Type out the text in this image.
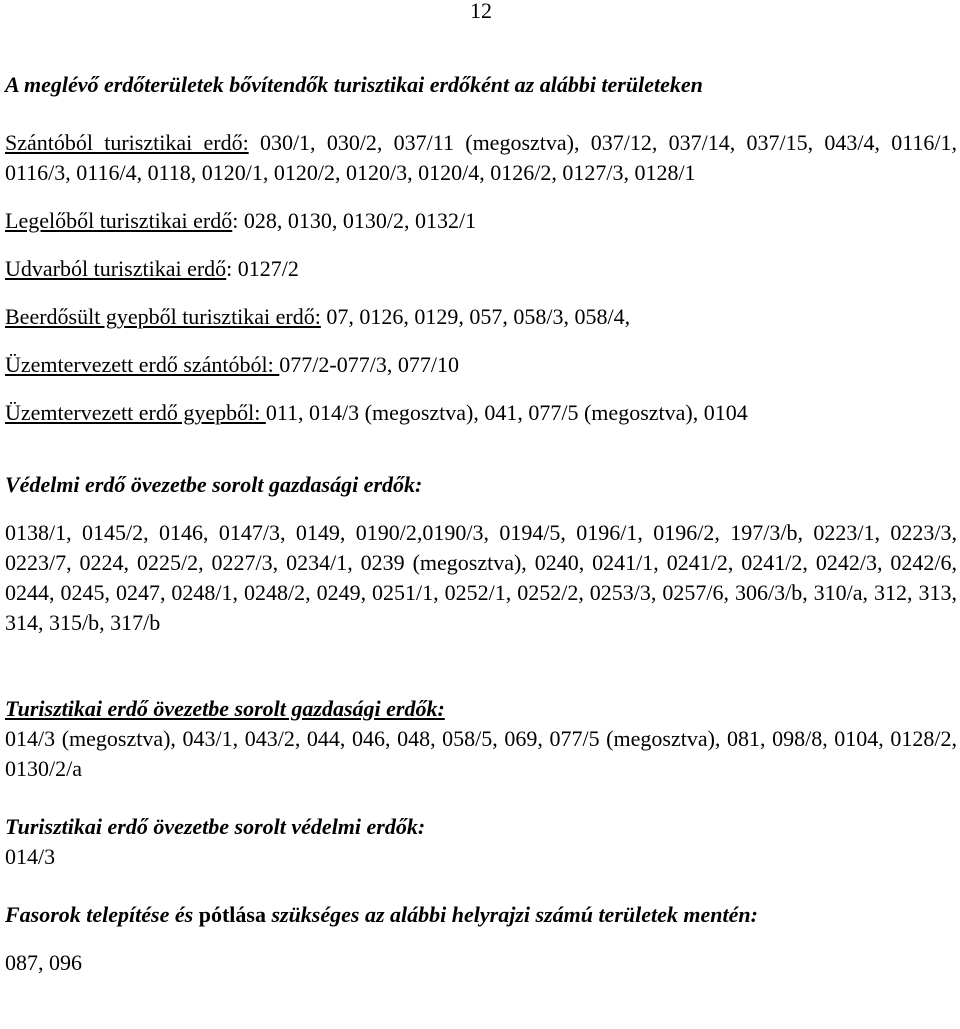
12

A meglévő erdőterületek bővítendők turisztikai erdőként az alábbi területeken

Szántóból turisztikai erdő: 030/1, 030/2, 037/11 (megosztva), 037/12, 037/14, 037/15, 043/4, 0116/1, 0116/3, 0116/4, 0118, 0120/1, 0120/2, 0120/3, 0120/4, 0126/2, 0127/3, 0128/1

Legelőből turisztikai erdő: 028, 0130, 0130/2, 0132/1

Udvarból turisztikai erdő: 0127/2

Beerdősült gyepből turisztikai erdő: 07, 0126, 0129, 057, 058/3, 058/4,

Üzemtervezett erdő szántóból: 077/2-077/3, 077/10

Üzemtervezett erdő gyepből: 011, 014/3 (megosztva), 041, 077/5 (megosztva), 0104

Védelmi erdő övezetbe sorolt gazdasági erdők:

0138/1, 0145/2, 0146, 0147/3, 0149, 0190/2,0190/3, 0194/5, 0196/1, 0196/2, 197/3/b, 0223/1, 0223/3, 0223/7, 0224, 0225/2, 0227/3, 0234/1, 0239 (megosztva), 0240, 0241/1, 0241/2, 0241/2, 0242/3, 0242/6, 0244, 0245, 0247, 0248/1, 0248/2, 0249, 0251/1, 0252/1, 0252/2, 0253/3, 0257/6, 306/3/b, 310/a, 312, 313, 314, 315/b, 317/b

Turisztikai erdő övezetbe sorolt gazdasági erdők:

014/3 (megosztva), 043/1, 043/2, 044, 046, 048, 058/5, 069, 077/5 (megosztva), 081, 098/8, 0104, 0128/2, 0130/2/a

Turisztikai erdő övezetbe sorolt védelmi erdők:

014/3

Fasorok telepítése és pótlása szükséges az alábbi helyrajzi számú területek mentén:

087, 096
